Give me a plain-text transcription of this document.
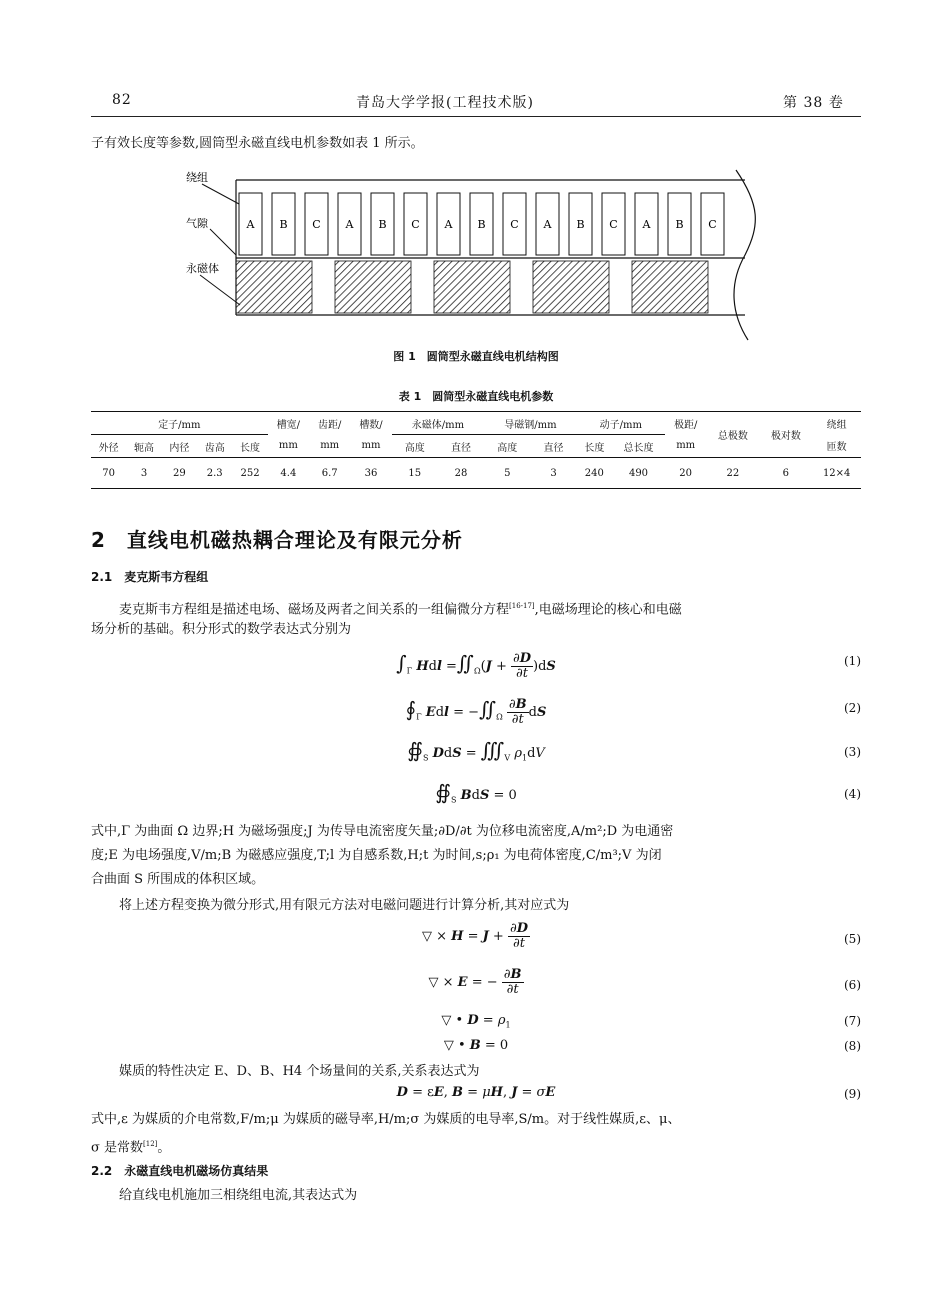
82	青岛大学学报(工程技术版)	第 38 卷
子有效长度等参数,圆筒型永磁直线电机参数如表 1 所示。
绕组
气隙
永磁体
A B C A B C A B C A B C A B C
图 1　圆筒型永磁直线电机结构图
表 1　圆筒型永磁直线电机参数
定子/mm					槽宽/	齿距/	槽数/	永磁体/mm		导磁钢/mm		动子/mm		极距/	总极数	极对数	绕组
外径	轭高	内径	齿高	长度	mm	mm	mm	高度	直径	高度	直径	长度	总长度	mm			匝数
70	3	29	2.3	252	4.4	6.7	36	15	28	5	3	240	490	20	22	6	12×4
2　直线电机磁热耦合理论及有限元分析
2.1　麦克斯韦方程组
麦克斯韦方程组是描述电场、磁场及两者之间关系的一组偏微分方程[16-17],电磁场理论的核心和电磁
场分析的基础。积分形式的数学表达式分别为
$\int_\Gamma$ Hdl $=∬_\Omega(J + \frac{\partial D}{\partial t} )dS$	(1)
$∮_\Gamma$ Edl = $-∬_\Omega \frac{\partial B}{\partial t}$ dS	(2)
$∯_S$ DdS = $∭_V$ $\rho_1dV$	(3)
$∯_S$ BdS = 0	(4)
式中,Γ 为曲面 Ω 边界;H 为磁场强度;J 为传导电流密度矢量;∂D/∂t 为位移电流密度,A/m²;D 为电通密
度;E 为电场强度,V/m;B 为磁感应强度,T;l 为自感系数,H;t 为时间,s;ρ₁ 为电荷体密度,C/m³;V 为闭
合曲面 S 所围成的体积区域。
将上述方程变换为微分形式,用有限元方法对电磁问题进行计算分析,其对应式为
▽ × $H = J + \frac{\partial D}{\partial t}$	(5)
▽ × E = − $\frac{\partial B}{\partial t}$	(6)
▽ • $D = \rho_1$	(7)
▽ • B = 0	(8)
媒质的特性决定 E、D、B、H4 个场量间的关系,关系表达式为
D = εE, B = μH, J = σE	(9)
式中,ε 为媒质的介电常数,F/m;μ 为媒质的磁导率,H/m;σ 为媒质的电导率,S/m。对于线性媒质,ε、μ、
σ 是常数[12]。
2.2　永磁直线电机磁场仿真结果
给直线电机施加三相绕组电流,其表达式为
